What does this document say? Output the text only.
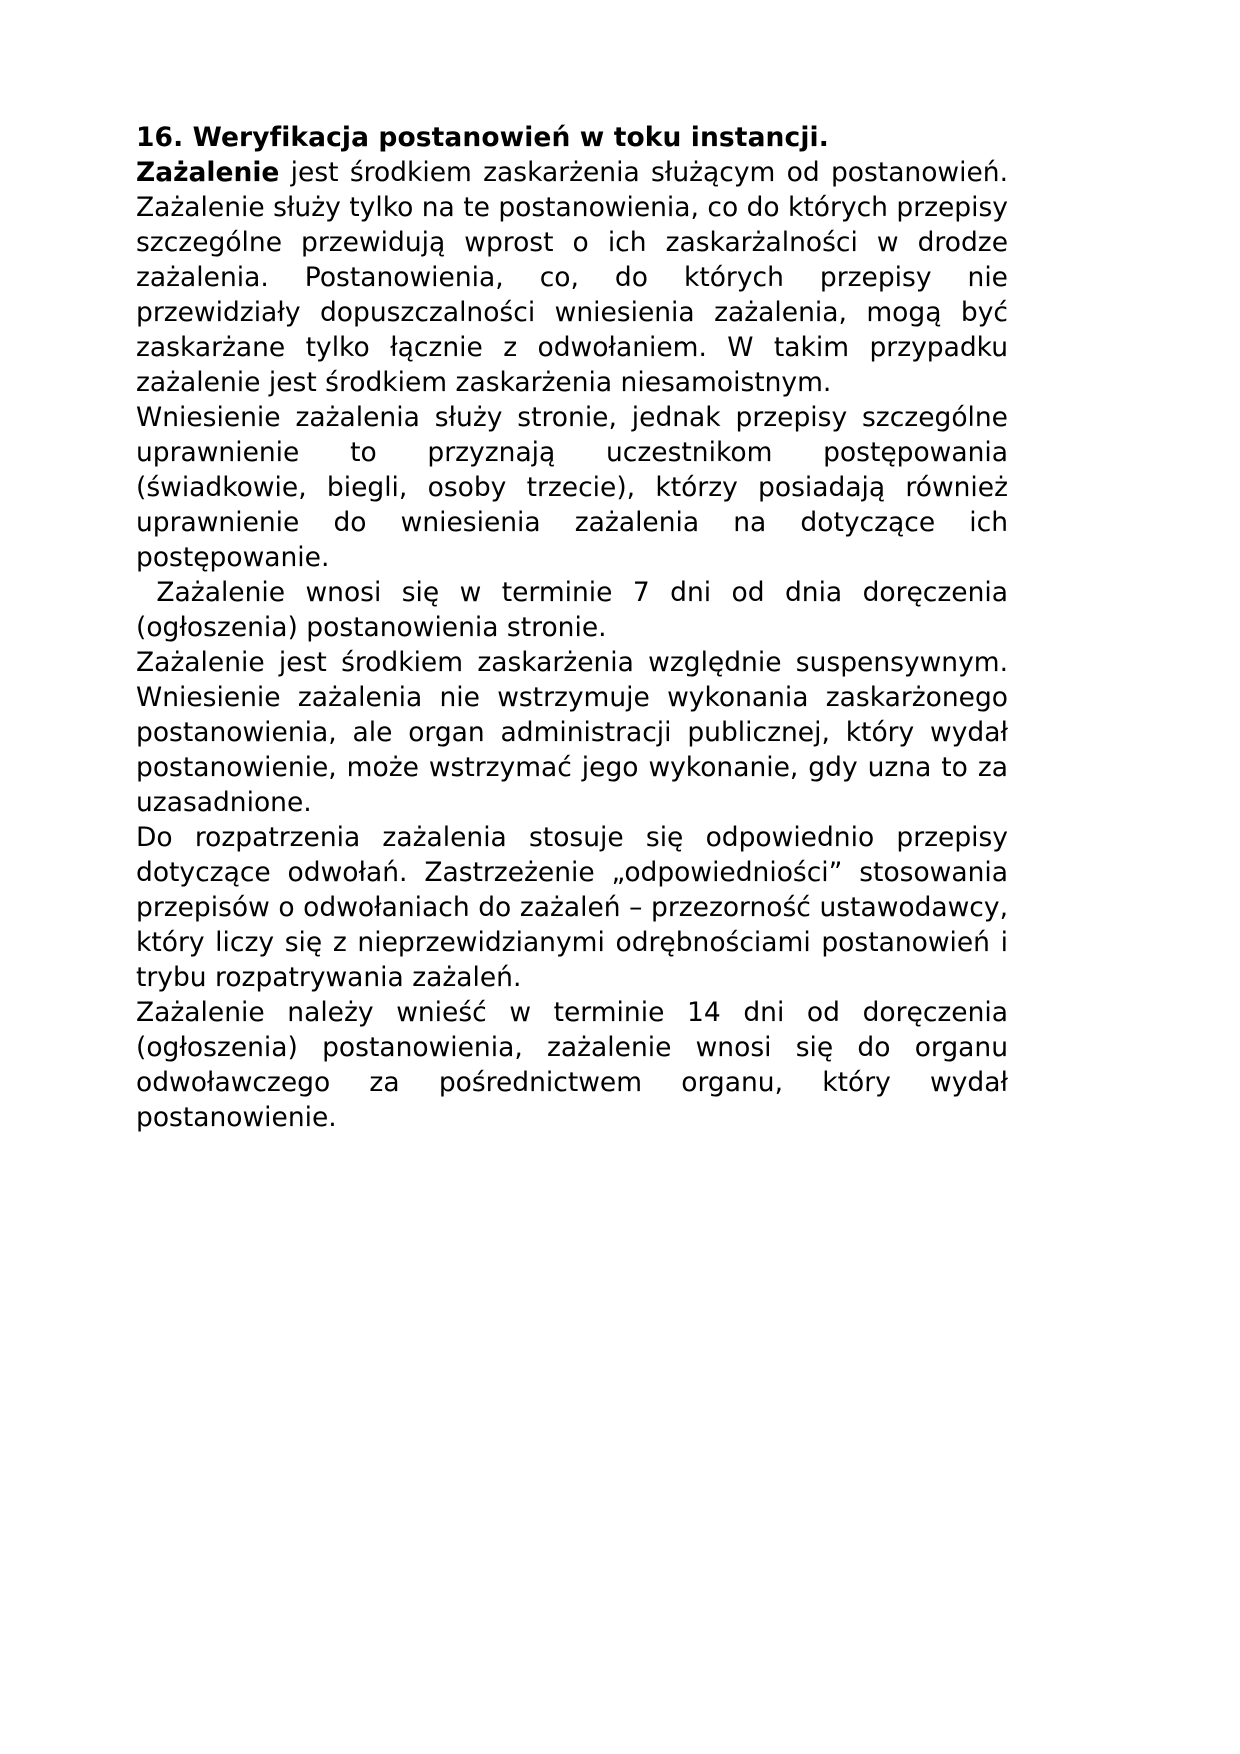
16. Weryfikacja postanowień w toku instancji.

Zażalenie jest środkiem zaskarżenia służącym od postanowień. Zażalenie służy tylko na te postanowienia, co do których przepisy szczególne przewidują wprost o ich zaskarżalności w drodze zażalenia. Postanowienia, co, do których przepisy nie przewidziały dopuszczalności wniesienia zażalenia, mogą być zaskarżane tylko łącznie z odwołaniem. W takim przypadku zażalenie jest środkiem zaskarżenia niesamoistnym.

Wniesienie zażalenia służy stronie, jednak przepisy szczególne uprawnienie to przyznają uczestnikom postępowania (świadkowie, biegli, osoby trzecie), którzy posiadają również uprawnienie do wniesienia zażalenia na dotyczące ich postępowanie.

Zażalenie wnosi się w terminie 7 dni od dnia doręczenia (ogłoszenia) postanowienia stronie.

Zażalenie jest środkiem zaskarżenia względnie suspensywnym. Wniesienie zażalenia nie wstrzymuje wykonania zaskarżonego postanowienia, ale organ administracji publicznej, który wydał postanowienie, może wstrzymać jego wykonanie, gdy uzna to za uzasadnione.

Do rozpatrzenia zażalenia stosuje się odpowiednio przepisy dotyczące odwołań. Zastrzeżenie „odpowiedniości” stosowania przepisów o odwołaniach do zażaleń – przezorność ustawodawcy, który liczy się z nieprzewidzianymi odrębnościami postanowień i trybu rozpatrywania zażaleń.

Zażalenie należy wnieść w terminie 14 dni od doręczenia (ogłoszenia) postanowienia, zażalenie wnosi się do organu odwoławczego za pośrednictwem organu, który wydał postanowienie.
